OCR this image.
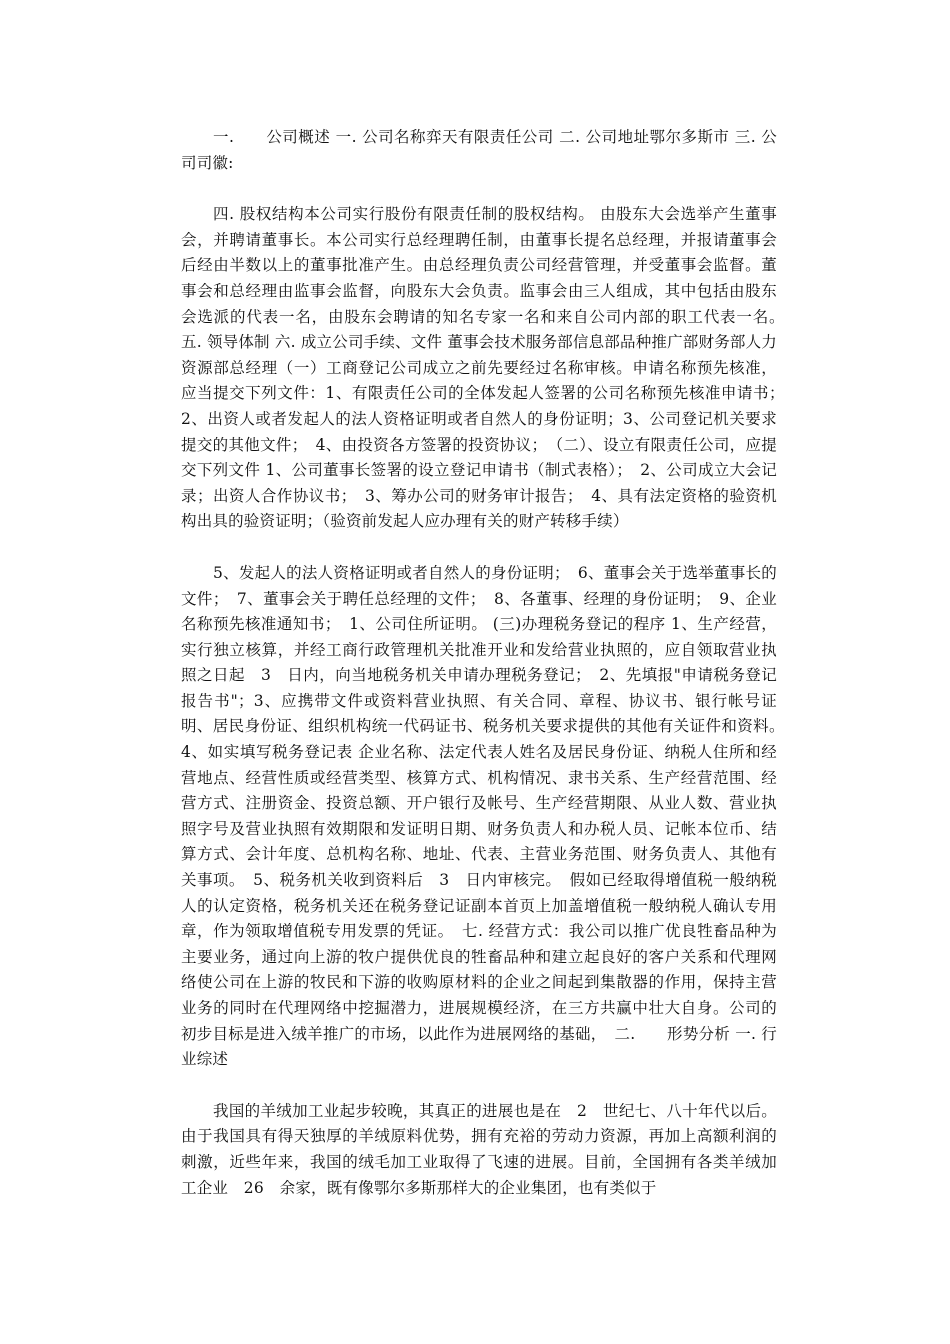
一.　　公司概述 一. 公司名称弈天有限责任公司 二. 公司地址鄂尔多斯市 三. 公司司徽:

四. 股权结构本公司实行股份有限责任制的股权结构。 由股东大会选举产生董事会，并聘请董事长。本公司实行总经理聘任制，由董事长提名总经理，并报请董事会后经由半数以上的董事批准产生。由总经理负责公司经营管理，并受董事会监督。董事会和总经理由监事会监督，向股东大会负责。监事会由三人组成，其中包括由股东会选派的代表一名，由股东会聘请的知名专家一名和来自公司内部的职工代表一名。　五. 领导体制 六. 成立公司手续、文件 董事会技术服务部信息部品种推广部财务部人力资源部总经理（一）工商登记公司成立之前先要经过名称审核。申请名称预先核准，应当提交下列文件：1、有限责任公司的全体发起人签署的公司名称预先核准申请书；　2、出资人或者发起人的法人资格证明或者自然人的身份证明；3、公司登记机关要求提交的其他文件；　4、由投资各方签署的投资协议；　（二）、设立有限责任公司，应提交下列文件 1、公司董事长签署的设立登记申请书（制式表格）；　2、公司成立大会记录；出资人合作协议书；　3、筹办公司的财务审计报告；　4、具有法定资格的验资机构出具的验资证明；（验资前发起人应办理有关的财产转移手续）

5、发起人的法人资格证明或者自然人的身份证明；　6、董事会关于选举董事长的文件；　7、董事会关于聘任总经理的文件；　8、各董事、经理的身份证明；　9、企业名称预先核准通知书；　1、公司住所证明。 (三)办理税务登记的程序 1、生产经营，实行独立核算，并经工商行政管理机关批准开业和发给营业执照的，应自领取营业执照之日起　3　日内，向当地税务机关申请办理税务登记；　2、先填报"申请税务登记报告书"；3、应携带文件或资料营业执照、有关合同、章程、协议书、银行帐号证明、居民身份证、组织机构统一代码证书、税务机关要求提供的其他有关证件和资料。　4、如实填写税务登记表 企业名称、法定代表人姓名及居民身份证、纳税人住所和经营地点、经营性质或经营类型、核算方式、机构情况、隶书关系、生产经营范围、经营方式、注册资金、投资总额、开户银行及帐号、生产经营期限、从业人数、营业执照字号及营业执照有效期限和发证明日期、财务负责人和办税人员、记帐本位币、结算方式、会计年度、总机构名称、地址、代表、主营业务范围、财务负责人、其他有关事项。　5、税务机关收到资料后　3　日内审核完。　假如已经取得增值税一般纳税人的认定资格，税务机关还在税务登记证副本首页上加盖增值税一般纳税人确认专用章，作为领取增值税专用发票的凭证。　七. 经营方式：我公司以推广优良牲畜品种为主要业务，通过向上游的牧户提供优良的牲畜品种和建立起良好的客户关系和代理网络使公司在上游的牧民和下游的收购原材料的企业之间起到集散器的作用，保持主营业务的同时在代理网络中挖掘潜力，进展规模经济，在三方共赢中壮大自身。公司的初步目标是进入绒羊推广的市场，以此作为进展网络的基础，　二.　　形势分析 一. 行业综述

我国的羊绒加工业起步较晚，其真正的进展也是在　2　世纪七、八十年代以后。由于我国具有得天独厚的羊绒原料优势，拥有充裕的劳动力资源，再加上高额利润的刺激，近些年来，我国的绒毛加工业取得了飞速的进展。目前，全国拥有各类羊绒加工企业　26　余家，既有像鄂尔多斯那样大的企业集团，也有类似于
